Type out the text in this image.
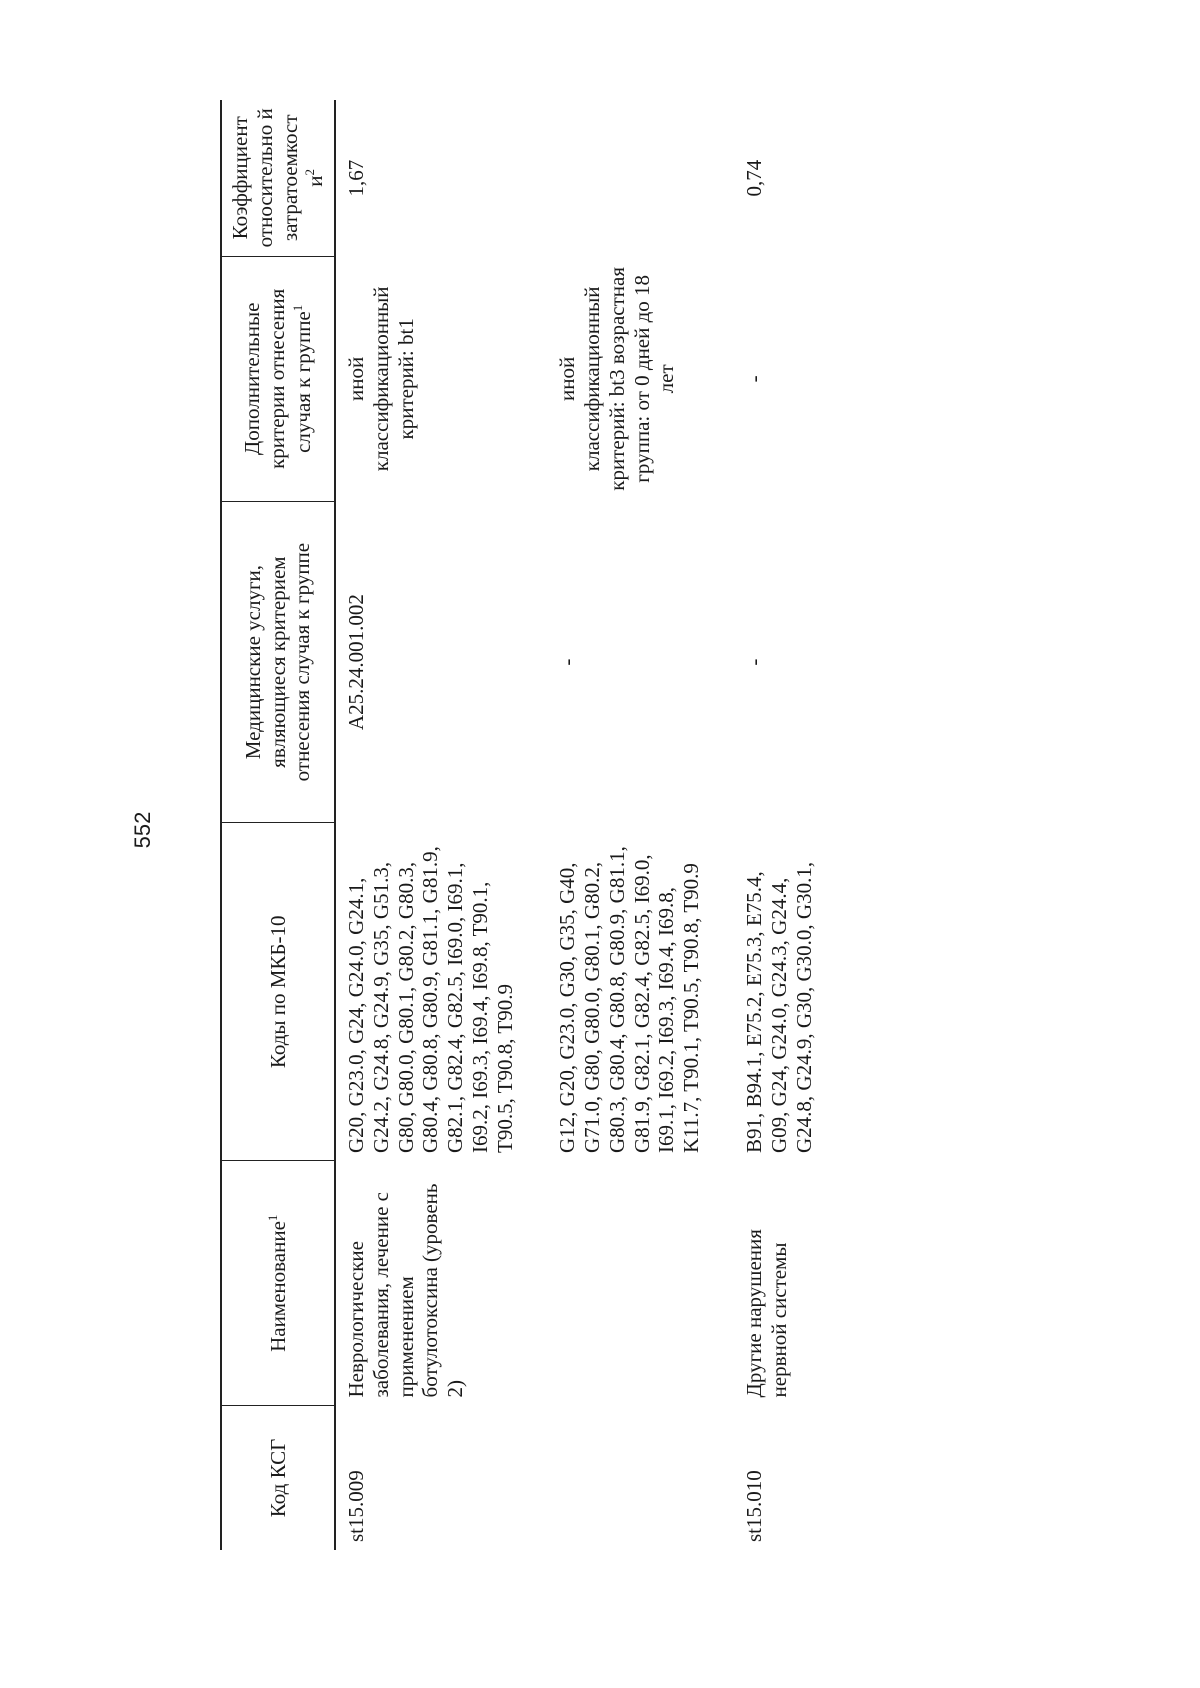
552
Код КСГ	Наименование$^1$	Коды по МКБ-10	Медицинские услуги, являющиеся критерием отнесения случая к группе	Дополнительные критерии отнесения случая к группе$^1$	Коэффициент относительно й затратоемкост $и^2$
st15.009	Неврологические заболевания, лечение с применением ботулотоксина (уровень 2)	G20, G23.0, G24, G24.0, G24.1, G24.2, G24.8, G24.9, G35, G51.3, G80, G80.0, G80.1, G80.2, G80.3, G80.4, G80.8, G80.9, G81.1, G81.9, G82.1, G82.4, G82.5, I69.0, I69.1, I69.2, I69.3, I69.4, I69.8, T90.1, T90.5, T90.8, T90.9	A25.24.001.002	иной классификационный критерий: bt1	1,67
		G12, G20, G23.0, G30, G35, G40, G71.0, G80, G80.0, G80.1, G80.2, G80.3, G80.4, G80.8, G80.9, G81.1, G81.9, G82.1, G82.4, G82.5, I69.0, I69.1, I69.2, I69.3, I69.4, I69.8, K11.7, T90.1, T90.5, T90.8, T90.9	-	иной классификационный критерий: bt3 возрастная группа: от 0 дней до 18 лет	
st15.010	Другие нарушения нервной системы	B91, B94.1, E75.2, E75.3, E75.4, G09, G24, G24.0, G24.3, G24.4, G24.8, G24.9, G30, G30.0, G30.1,	-	-	0,74
